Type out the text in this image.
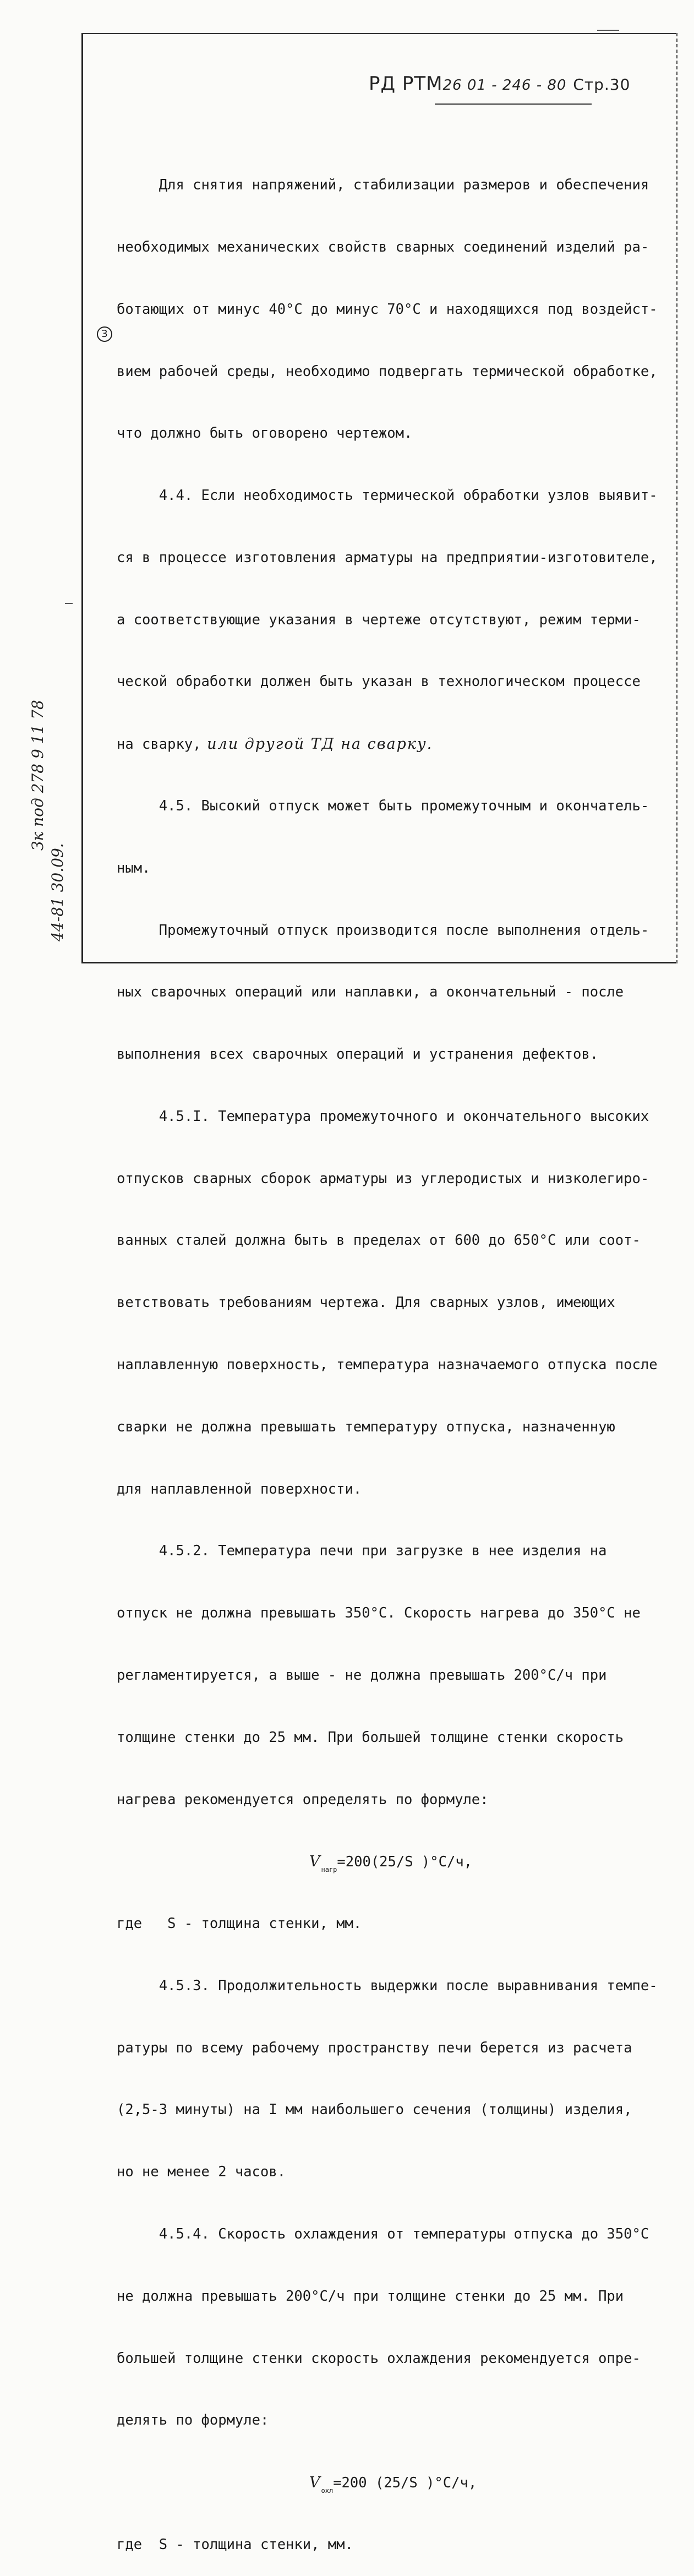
РД РТМ26 01 - 246 - 80 Стр.30

Для снятия напряжений, стабилизации размеров и обеспечения

необходимых механических свойств сварных соединений изделий ра-

ботающих от минус 40°С до минус 70°С и находящихся под воздейст-

вием рабочей среды, необходимо подвергать термической обработке,

что должно быть оговорено чертежом.

4.4. Если необходимость термической обработки узлов выявит-

ся в процессе изготовления арматуры на предприятии-изготовителе,

а соответствующие указания в чертеже отсутствуют, режим терми-

ческой обработки должен быть указан в технологическом процессе

на сварку, или другой ТД на сварку.

4.5. Высокий отпуск может быть промежуточным и окончатель-

ным.

Промежуточный отпуск производится после выполнения отдель-

ных сварочных операций или наплавки, а окончательный - после

выполнения всех сварочных операций и устранения дефектов.

4.5.I. Температура промежуточного и окончательного высоких

отпусков сварных сборок арматуры из углеродистых и низколегиро-

ванных сталей должна быть в пределах от 600 до 650°С или соот-

ветствовать требованиям чертежа. Для сварных узлов, имеющих

наплавленную поверхность, температура назначаемого отпуска после

сварки не должна превышать температуру отпуска, назначенную

для наплавленной поверхности.

4.5.2. Температура печи при загрузке в нее изделия на

отпуск не должна превышать 350°С. Скорость нагрева до 350°С не

регламентируется, а выше - не должна превышать 200°С/ч при

толщине стенки до 25 мм. При большей толщине стенки скорость

нагрева рекомендуется определять по формуле:

$V_{нагр}=200(25/S$ )°С/ч,

где   S - толщина стенки, мм.

4.5.3. Продолжительность выдержки после выравнивания темпе-

ратуры по всему рабочему пространству печи берется из расчета

(2,5-3 минуты) на I мм наибольшего сечения (толщины) изделия,

но не менее 2 часов.

4.5.4. Скорость охлаждения от температуры отпуска до 350°С

не должна превышать 200°С/ч при толщине стенки до 25 мм. При

большей толщине стенки скорость охлаждения рекомендуется опре-

делять по формуле:

$V_{охл}=200$ (25/S )°С/ч,

где  S - толщина стенки, мм.

3
Зк под 278 9 11 78
44-81 30.09.
